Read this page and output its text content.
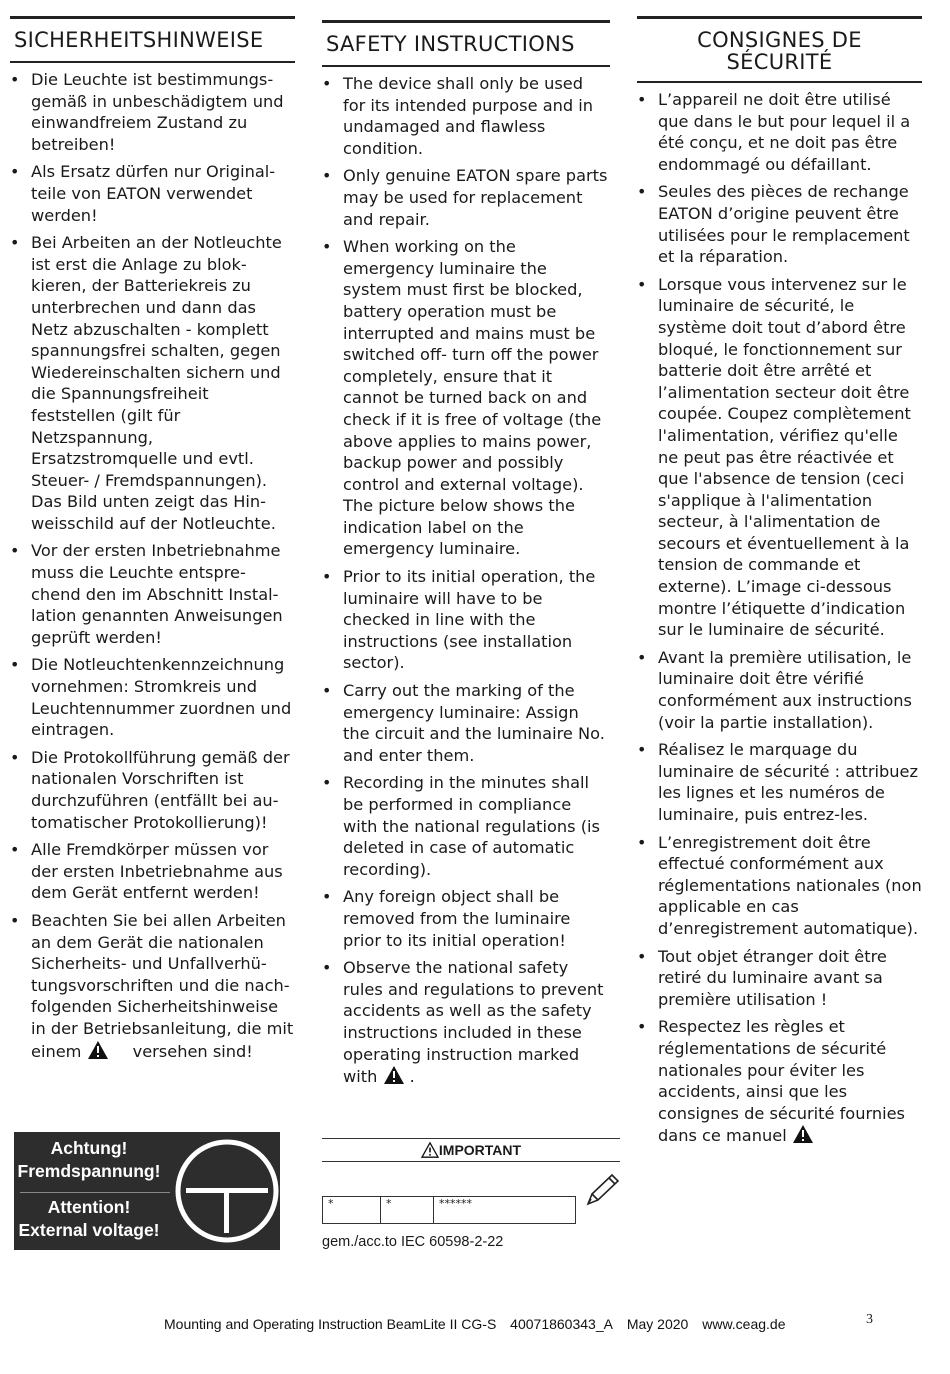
SICHERHEITSHINWEISE
• Die Leuchte ist bestimmungs-gemäß in unbeschädigtem und einwandfreiem Zustand zu betreiben!
• Als Ersatz dürfen nur Original-teile von EATON verwendet werden!
• Bei Arbeiten an der Notleuchte ist erst die Anlage zu blok-kieren, der Batteriekreis zu unterbrechen und dann das Netz abzuschalten - komplett spannungsfrei schalten, gegen Wiedereinschalten sichern und die Spannungsfreiheit feststellen (gilt für Netzspannung, Ersatzstromquelle und evtl. Steuer- / Fremdspannungen). Das Bild unten zeigt das Hin-weisschild auf der Notleuchte.
• Vor der ersten Inbetriebnahme muss die Leuchte entspre-chend den im Abschnitt Instal-lation genannten Anweisungen geprüft werden!
• Die Notleuchtenkennzeichnung vornehmen: Stromkreis und Leuchtennummer zuordnen und eintragen.
• Die Protokollführung gemäß der nationalen Vorschriften ist durchzuführen (entfällt bei au-tomatischer Protokollierung)!
• Alle Fremdkörper müssen vor der ersten Inbetriebnahme aus dem Gerät entfernt werden!
• Beachten Sie bei allen Arbeiten an dem Gerät die nationalen Sicherheits- und Unfallverhü-tungsvorschriften und die nach-folgenden Sicherheitshinweise in der Betriebsanleitung, die mit einem	versehen sind!
SAFETY INSTRUCTIONS
• The device shall only be used for its intended purpose and in undamaged and flawless condition.
• Only genuine EATON spare parts may be used for replacement and repair.
• When working on the emergency luminaire the system must first be blocked, battery operation must be interrupted and mains must be switched off- turn off the power completely, ensure that it cannot be turned back on and check if it is free of voltage (the above applies to mains power, backup power and possibly control and external voltage). The picture below shows the indication label on the emergency luminaire.
• Prior to its initial operation, the luminaire will have to be checked in line with the instructions (see installation sector).
• Carry out the marking of the emergency luminaire: Assign the circuit and the luminaire No. and enter them.
• Recording in the minutes shall be performed in compliance with the national regulations (is deleted in case of automatic recording).
• Any foreign object shall be removed from the luminaire prior to its initial operation!
• Observe the national safety rules and regulations to prevent accidents as well as the safety instructions included in these operating instruction marked with .
CONSIGNES DE SÉCURITÉ
• L’appareil ne doit être utilisé que dans le but pour lequel il a été conçu, et ne doit pas être endommagé ou défaillant.
• Seules des pièces de rechange EATON d’origine peuvent être utilisées pour le remplacement et la réparation.
• Lorsque vous intervenez sur le luminaire de sécurité, le système doit tout d’abord être bloqué, le fonctionnement sur batterie doit être arrêté et l’alimentation secteur doit être coupée. Coupez complètement l'alimentation, vérifiez qu'elle ne peut pas être réactivée et que l'absence de tension (ceci s'applique à l'alimentation secteur, à l'alimentation de secours et éventuellement à la tension de commande et externe). L’image ci-dessous montre l’étiquette d’indication sur le luminaire de sécurité.
• Avant la première utilisation, le luminaire doit être vérifié conformément aux instructions (voir la partie installation).
• Réalisez le marquage du luminaire de sécurité : attribuez les lignes et les numéros de luminaire, puis entrez-les.
• L’enregistrement doit être effectué conformément aux réglementations nationales (non applicable en cas d’enregistrement automatique).
• Tout objet étranger doit être retiré du luminaire avant sa première utilisation !
• Respectez les règles et réglementations de sécurité nationales pour éviter les accidents, ainsi que les consignes de sécurité fournies dans ce manuel
Achtung!
Fremdspannung!
Attention!
External voltage!
IMPORTANT
*	*	******
gem./acc.to IEC 60598-2-22
Mounting and Operating Instruction BeamLite II CG-S 40071860343_A May 2020 www.ceag.de	3
